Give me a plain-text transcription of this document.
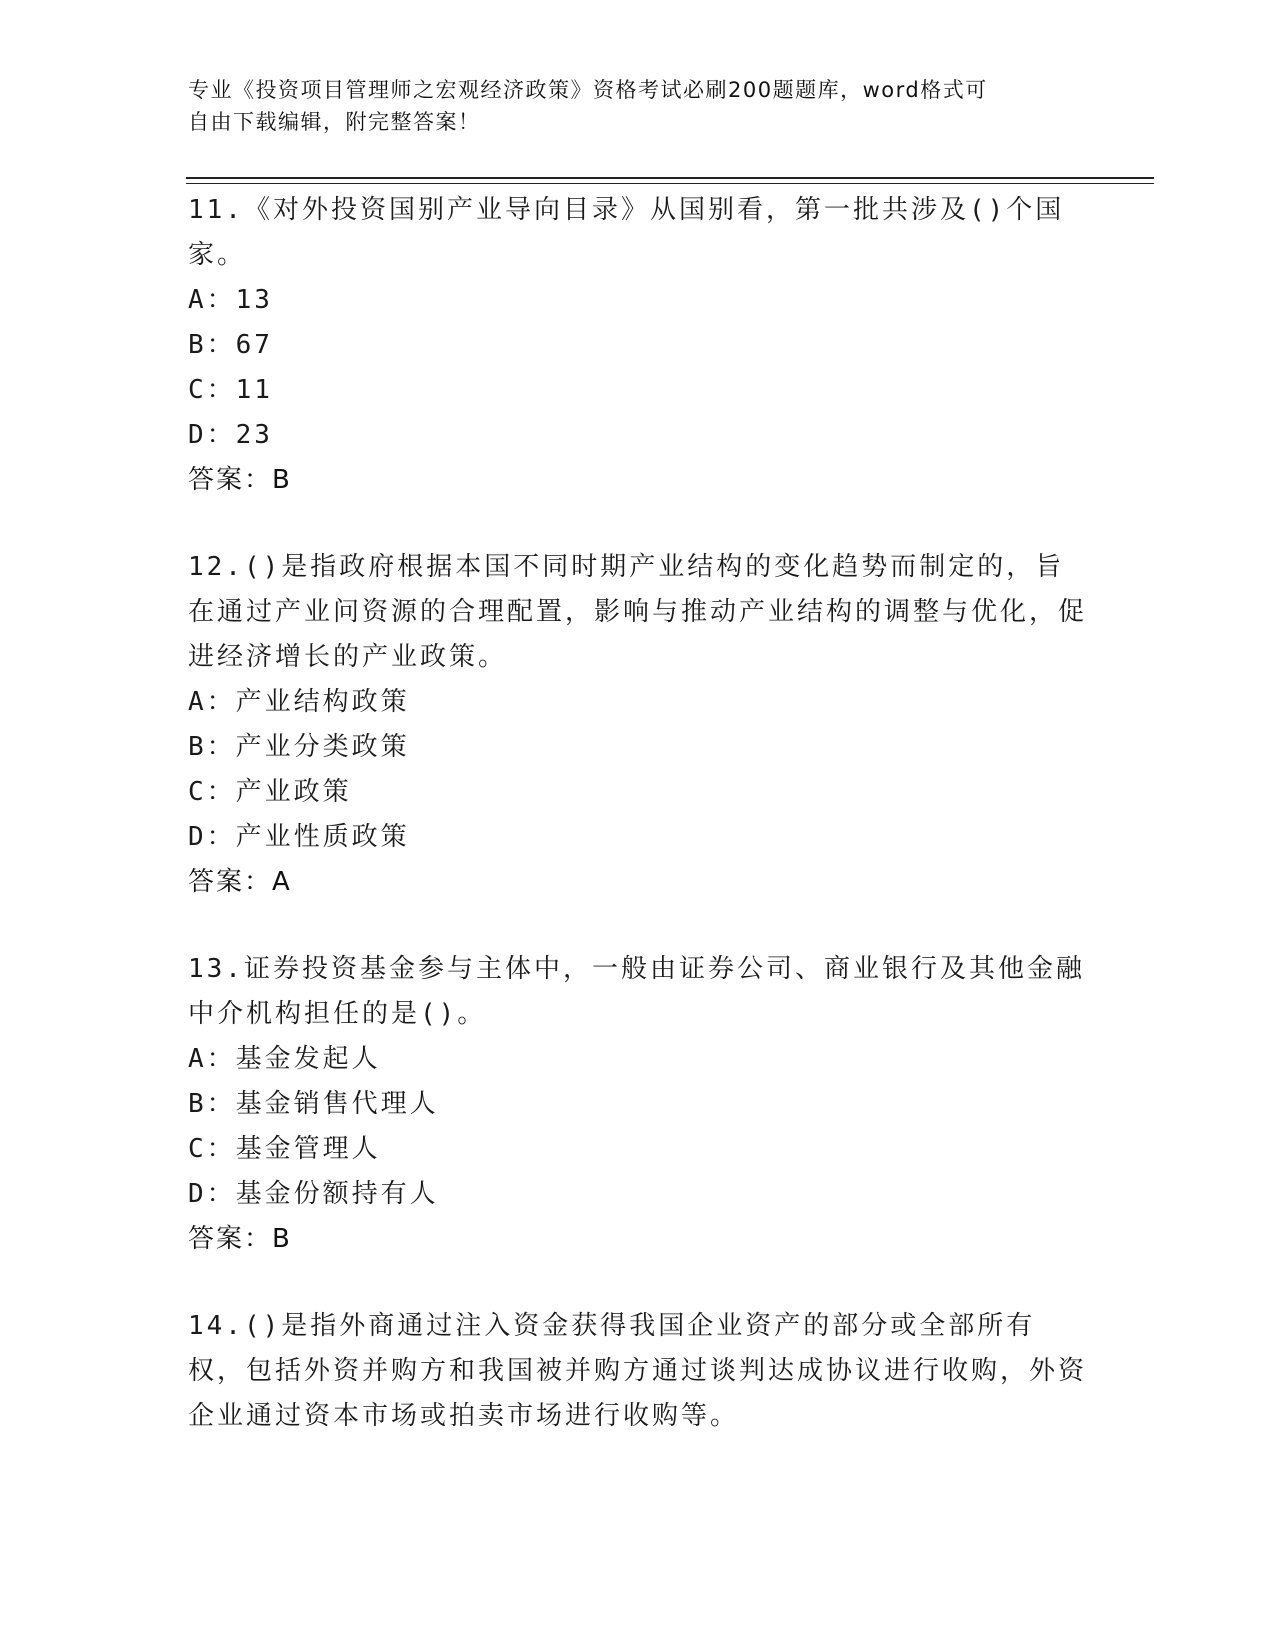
专业《投资项目管理师之宏观经济政策》资格考试必刷200题题库，word格式可
自由下载编辑，附完整答案！
11.《对外投资国别产业导向目录》从国别看，第一批共涉及()个国家。
A：13
B：67
C：11
D：23
答案：B
12.()是指政府根据本国不同时期产业结构的变化趋势而制定的，旨在通过产业问资源的合理配置，影响与推动产业结构的调整与优化，促进经济增长的产业政策。
A：产业结构政策
B：产业分类政策
C：产业政策
D：产业性质政策
答案：A
13.证券投资基金参与主体中，一般由证券公司、商业银行及其他金融中介机构担任的是()。
A：基金发起人
B：基金销售代理人
C：基金管理人
D：基金份额持有人
答案：B
14.()是指外商通过注入资金获得我国企业资产的部分或全部所有权，包括外资并购方和我国被并购方通过谈判达成协议进行收购，外资企业通过资本市场或拍卖市场进行收购等。
